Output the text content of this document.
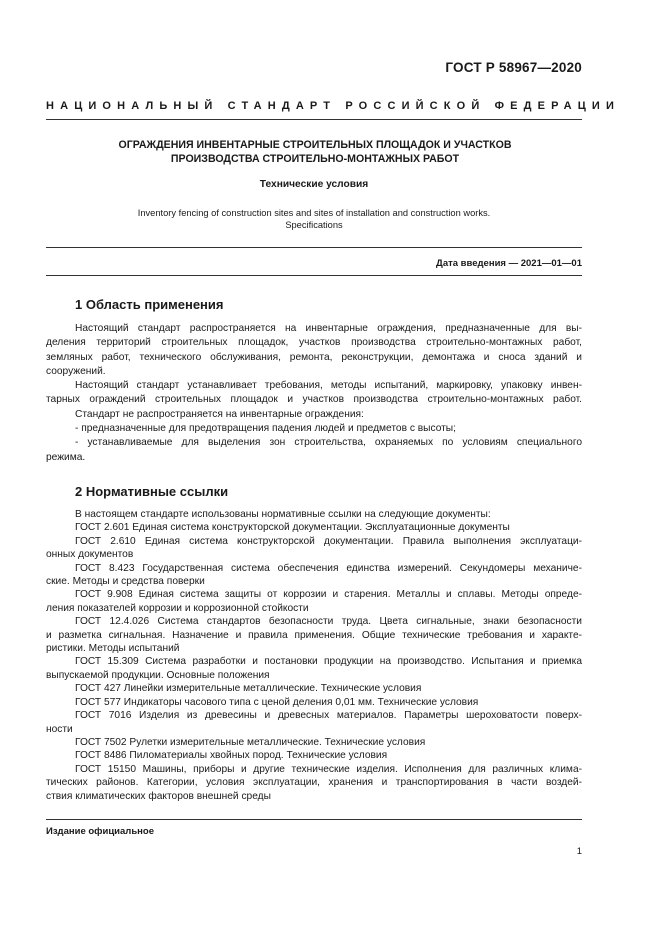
ГОСТ Р 58967—2020
НАЦИОНАЛЬНЫЙ СТАНДАРТ РОССИЙСКОЙ ФЕДЕРАЦИИ
ОГРАЖДЕНИЯ ИНВЕНТАРНЫЕ СТРОИТЕЛЬНЫХ ПЛОЩАДОК И УЧАСТКОВ
ПРОИЗВОДСТВА СТРОИТЕЛЬНО-МОНТАЖНЫХ РАБОТ
Технические условия
Inventory fencing of construction sites and sites of installation and construction works.
Specifications
Дата введения — 2021—01—01
1 Область применения
Настоящий стандарт распространяется на инвентарные ограждения, предназначенные для вы-
деления территорий строительных площадок, участков производства строительно-монтажных работ,
земляных работ, технического обслуживания, ремонта, реконструкции, демонтажа и сноса зданий и
сооружений.
Настоящий стандарт устанавливает требования, методы испытаний, маркировку, упаковку инвен-
тарных ограждений строительных площадок и участков производства строительно-монтажных работ.
Стандарт не распространяется на инвентарные ограждения:
- предназначенные для предотвращения падения людей и предметов с высоты;
- устанавливаемые для выделения зон строительства, охраняемых по условиям специального
режима.
2 Нормативные ссылки
В настоящем стандарте использованы нормативные ссылки на следующие документы:
ГОСТ 2.601 Единая система конструкторской документации. Эксплуатационные документы
ГОСТ 2.610 Единая система конструкторской документации. Правила выполнения эксплуатаци-
онных документов
ГОСТ 8.423 Государственная система обеспечения единства измерений. Секундомеры механиче-
ские. Методы и средства поверки
ГОСТ 9.908 Единая система защиты от коррозии и старения. Металлы и сплавы. Методы опреде-
ления показателей коррозии и коррозионной стойкости
ГОСТ 12.4.026 Система стандартов безопасности труда. Цвета сигнальные, знаки безопасности
и разметка сигнальная. Назначение и правила применения. Общие технические требования и характе-
ристики. Методы испытаний
ГОСТ 15.309 Система разработки и постановки продукции на производство. Испытания и приемка
выпускаемой продукции. Основные положения
ГОСТ 427 Линейки измерительные металлические. Технические условия
ГОСТ 577 Индикаторы часового типа с ценой деления 0,01 мм. Технические условия
ГОСТ 7016 Изделия из древесины и древесных материалов. Параметры шероховатости поверх-
ности
ГОСТ 7502 Рулетки измерительные металлические. Технические условия
ГОСТ 8486 Пиломатериалы хвойных пород. Технические условия
ГОСТ 15150 Машины, приборы и другие технические изделия. Исполнения для различных клима-
тических районов. Категории, условия эксплуатации, хранения и транспортирования в части воздей-
ствия климатических факторов внешней среды
Издание официальное
1
